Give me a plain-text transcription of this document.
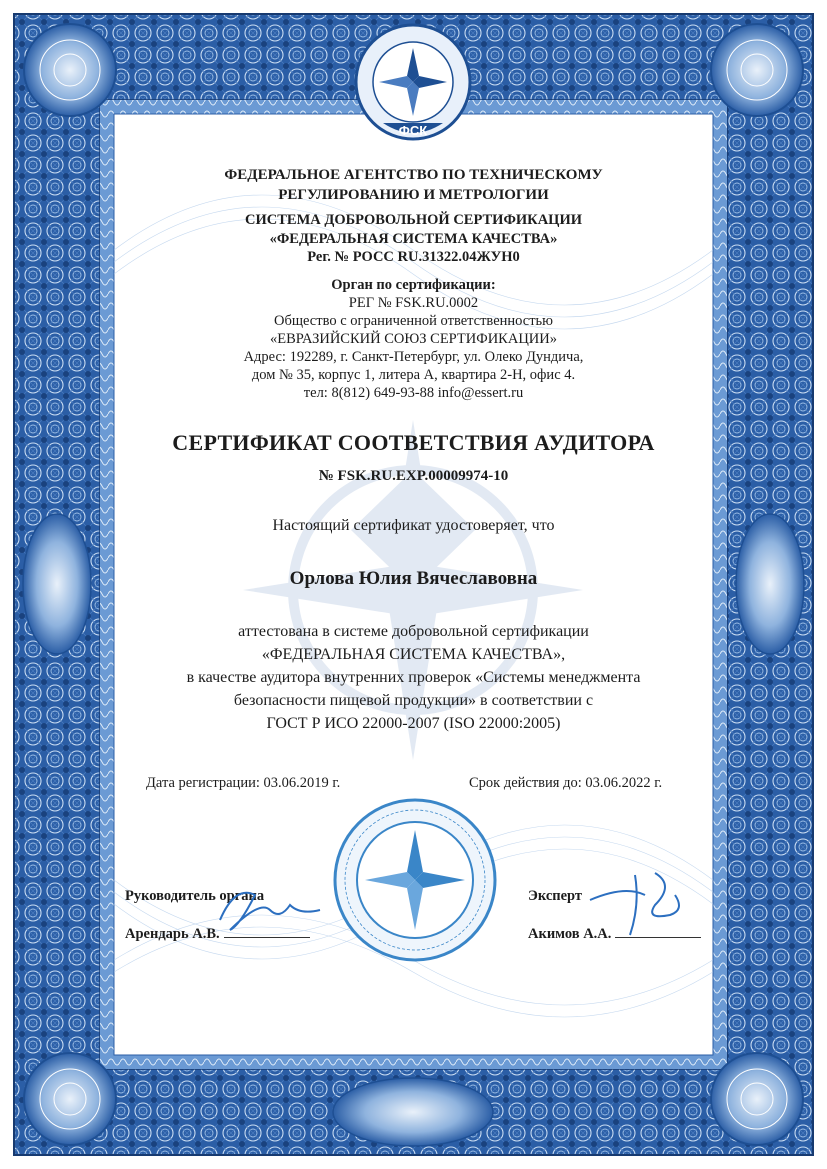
ФСК
ФЕДЕРАЛЬНОЕ АГЕНТСТВО ПО ТЕХНИЧЕСКОМУ
РЕГУЛИРОВАНИЮ И МЕТРОЛОГИИ
СИСТЕМА ДОБРОВОЛЬНОЙ СЕРТИФИКАЦИИ
«ФЕДЕРАЛЬНАЯ СИСТЕМА КАЧЕСТВА»
Рег. № РОСС RU.31322.04ЖУН0
Орган по сертификации:
РЕГ № FSK.RU.0002
Общество с ограниченной ответственностью
«ЕВРАЗИЙСКИЙ СОЮЗ СЕРТИФИКАЦИИ»
Адрес: 192289, г. Санкт-Петербург, ул. Олеко Дундича,
дом № 35, корпус 1, литера А, квартира 2-Н, офис 4.
тел: 8(812) 649-93-88 info@essert.ru
СЕРТИФИКАТ СООТВЕТСТВИЯ АУДИТОРА
№ FSK.RU.EXP.00009974-10
Настоящий сертификат удостоверяет, что
Орлова Юлия Вячеславовна
аттестована в системе добровольной сертификации
«ФЕДЕРАЛЬНАЯ СИСТЕМА КАЧЕСТВА»,
в качестве аудитора внутренних проверок «Системы менеджмента
безопасности пищевой продукции» в соответствии с
ГОСТ Р ИСО 22000-2007 (ISO 22000:2005)
Дата регистрации: 03.06.2019 г.	Срок действия до: 03.06.2022 г.
Руководитель органа
Арендарь А.В.
Эксперт
Акимов А.А.
